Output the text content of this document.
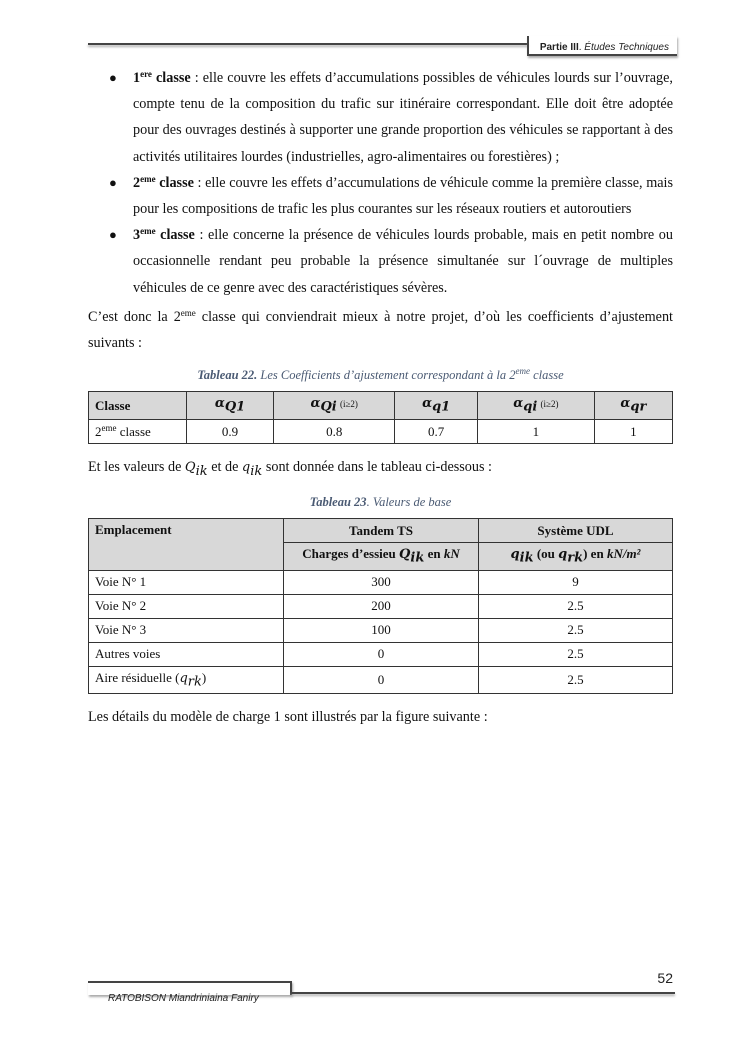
Partie III. Études Techniques
● 1ere classe : elle couvre les effets d’accumulations possibles de véhicules lourds sur l’ouvrage, compte tenu de la composition du trafic sur itinéraire correspondant. Elle doit être adoptée pour des ouvrages destinés à supporter une grande proportion des véhicules se rapportant à des activités utilitaires lourdes (industrielles, agro-alimentaires ou forestières) ;
● 2eme classe : elle couvre les effets d’accumulations de véhicule comme la première classe, mais pour les compositions de trafic les plus courantes sur les réseaux routiers et autoroutiers
● 3eme classe : elle concerne la présence de véhicules lourds probable, mais en petit nombre ou occasionnelle rendant peu probable la présence simultanée sur l´ouvrage de multiples véhicules de ce genre avec des caractéristiques sévères.

C’est donc la 2eme classe qui conviendrait mieux à notre projet, d’où les coefficients d’ajustement suivants :

Tableau 22. Les Coefficients d’ajustement correspondant à la 2eme classe

Classe	$\alpha_{Q1}$	$\alpha_{Qi}$ (i≥2)	$\alpha_{q1}$	$\alpha_{qi}$ (i≥2)	$\alpha_{qr}$
2eme classe	0.9	0.8	0.7	1	1

Et les valeurs de $Q_{ik}$ et de $q_{ik}$ sont donnée dans le tableau ci-dessous :

Tableau 23. Valeurs de base

Emplacement	Tandem TS	Système UDL
	Charges d’essieu $Q_{ik}$ en kN	$q_{ik}$ (ou $q_{rk}$) en kN/m²
Voie N° 1	300	9
Voie N° 2	200	2.5
Voie N° 3	100	2.5
Autres voies	0	2.5
Aire résiduelle $(q_{rk})$	0	2.5

Les détails du modèle de charge 1 sont illustrés par la figure suivante :

52
RATOBISON Miandriniaina Faniry
